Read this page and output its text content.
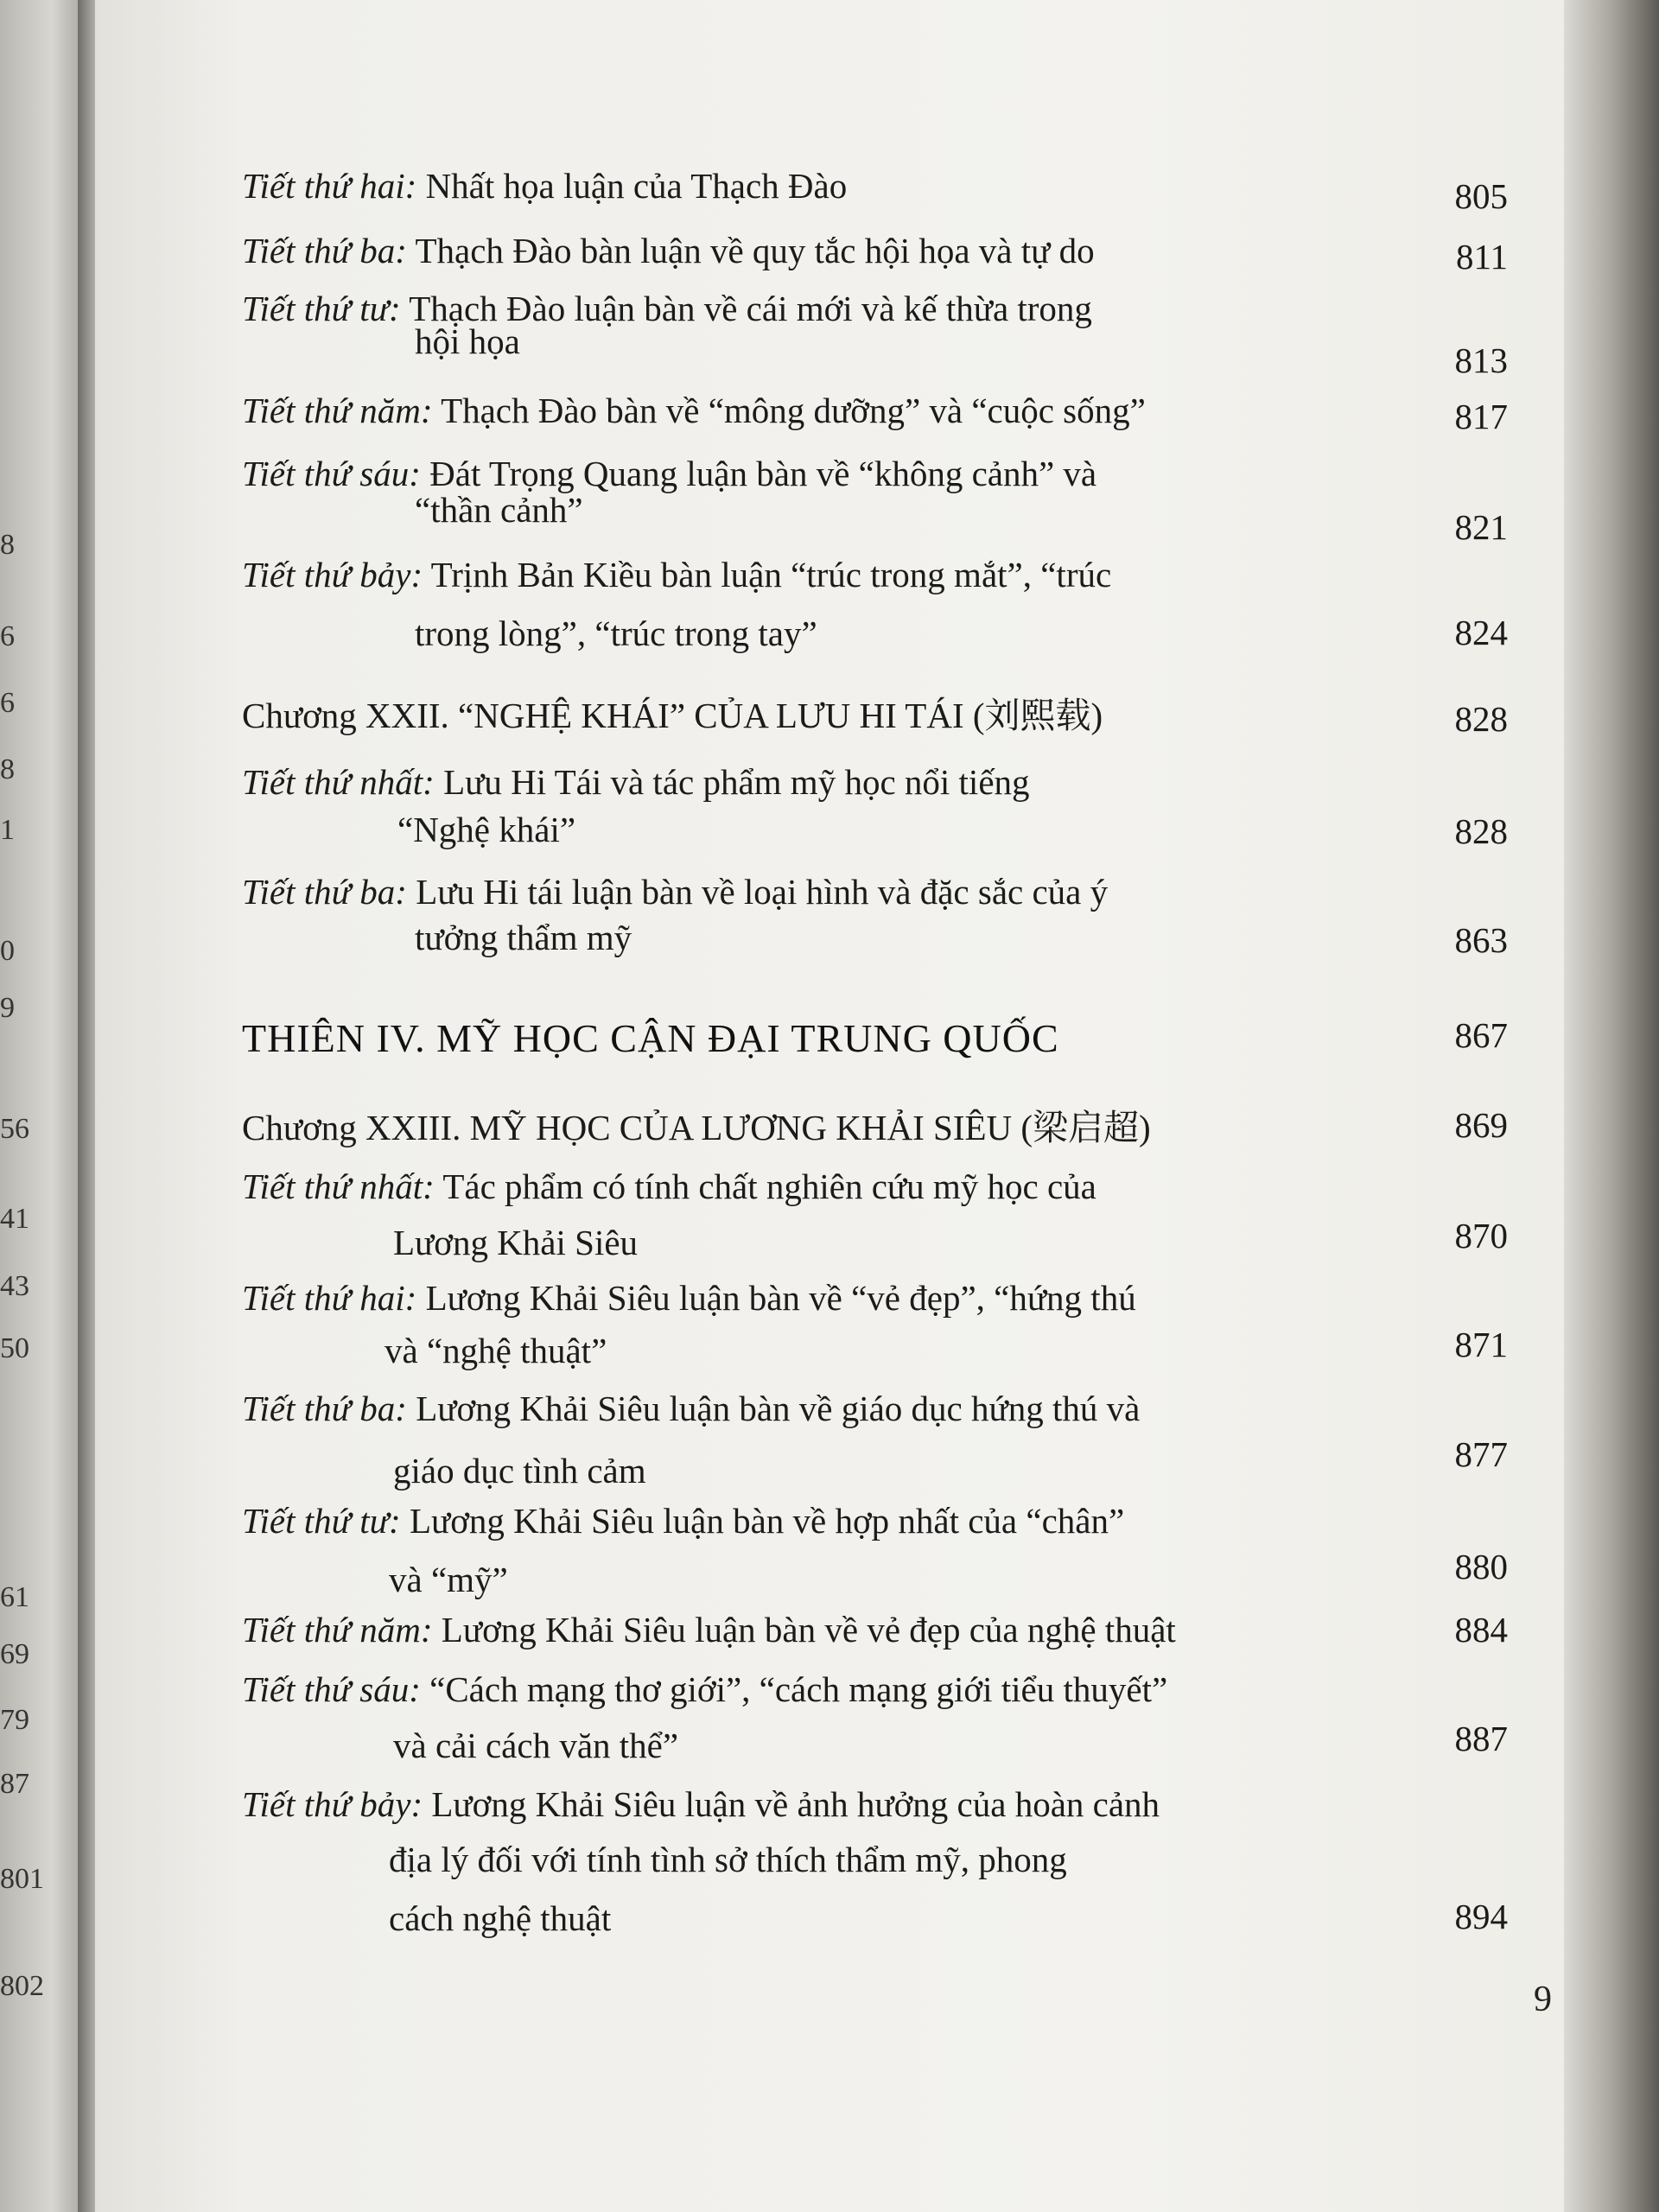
8
6
6
8
1
0
9
56
41
43
50
61
69
79
87
801
802
Tiết thứ hai: Nhất họa luận của Thạch Đào	805
Tiết thứ ba: Thạch Đào bàn luận về quy tắc hội họa và tự do	811
Tiết thứ tư: Thạch Đào luận bàn về cái mới và kế thừa trong
hội họa	813
Tiết thứ năm: Thạch Đào bàn về “mông dưỡng” và “cuộc sống”	817
Tiết thứ sáu: Đát Trọng Quang luận bàn về “không cảnh” và
“thần cảnh”	821
Tiết thứ bảy: Trịnh Bản Kiều bàn luận “trúc trong mắt”, “trúc
trong lòng”, “trúc trong tay”	824
Chương XXII. “NGHỆ KHÁI” CỦA LƯU HI TÁI (刘熙载)	828
Tiết thứ nhất: Lưu Hi Tái và tác phẩm mỹ học nổi tiếng
“Nghệ khái”	828
Tiết thứ ba: Lưu Hi tái luận bàn về loại hình và đặc sắc của ý
tưởng thẩm mỹ	863
THIÊN IV. MỸ HỌC CẬN ĐẠI TRUNG QUỐC	867
Chương XXIII. MỸ HỌC CỦA LƯƠNG KHẢI SIÊU (梁启超)	869
Tiết thứ nhất: Tác phẩm có tính chất nghiên cứu mỹ học của
Lương Khải Siêu	870
Tiết thứ hai: Lương Khải Siêu luận bàn về “vẻ đẹp”, “hứng thú
và “nghệ thuật”	871
Tiết thứ ba: Lương Khải Siêu luận bàn về giáo dục hứng thú và
giáo dục tình cảm	877
Tiết thứ tư: Lương Khải Siêu luận bàn về hợp nhất của “chân”
và “mỹ”	880
Tiết thứ năm: Lương Khải Siêu luận bàn về vẻ đẹp của nghệ thuật	884
Tiết thứ sáu: “Cách mạng thơ giới”, “cách mạng giới tiểu thuyết”
và cải cách văn thể”	887
Tiết thứ bảy: Lương Khải Siêu luận về ảnh hưởng của hoàn cảnh
địa lý đối với tính tình sở thích thẩm mỹ, phong
cách nghệ thuật	894
9
